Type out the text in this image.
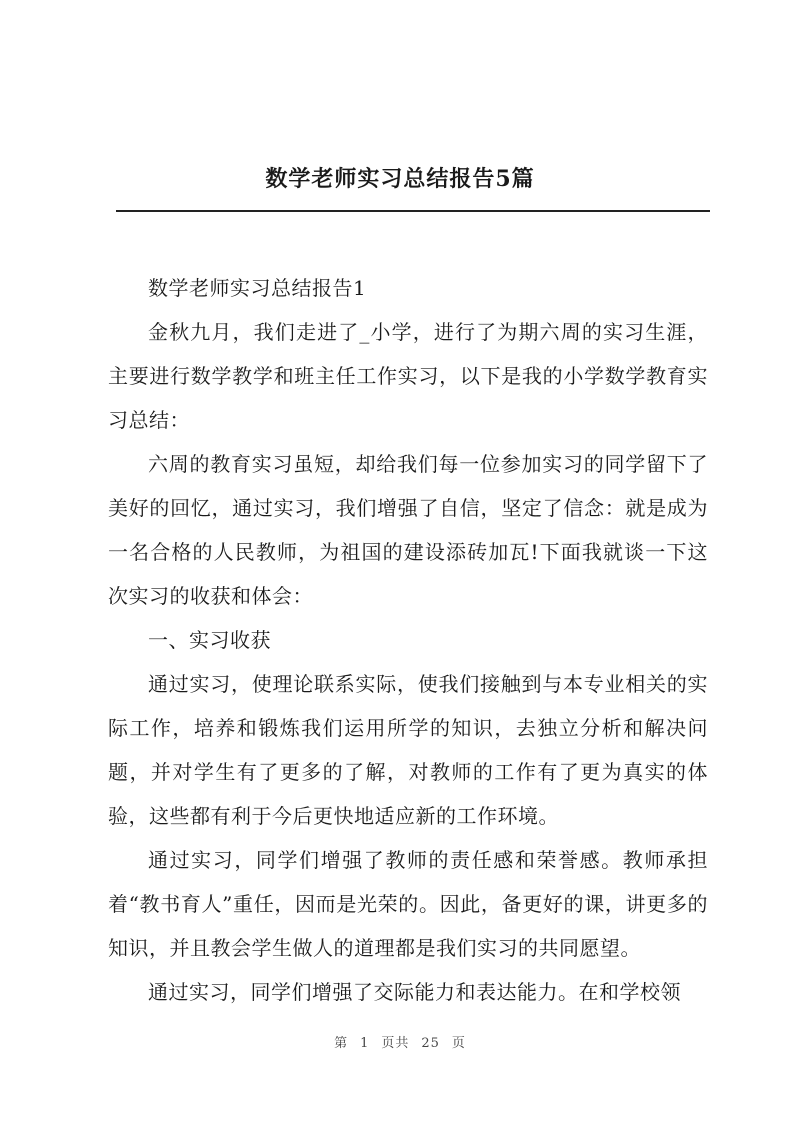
数学老师实习总结报告5篇

数学老师实习总结报告1

金秋九月，我们走进了_小学，进行了为期六周的实习生涯，主要进行数学教学和班主任工作实习，以下是我的小学数学教育实习总结：

六周的教育实习虽短，却给我们每一位参加实习的同学留下了美好的回忆，通过实习，我们增强了自信，坚定了信念：就是成为一名合格的人民教师，为祖国的建设添砖加瓦!下面我就谈一下这次实习的收获和体会：

一、实习收获

通过实习，使理论联系实际，使我们接触到与本专业相关的实际工作，培养和锻炼我们运用所学的知识，去独立分析和解决问题，并对学生有了更多的了解，对教师的工作有了更为真实的体验，这些都有利于今后更快地适应新的工作环境。

通过实习，同学们增强了教师的责任感和荣誉感。教师承担着“教书育人”重任，因而是光荣的。因此，备更好的课，讲更多的知识，并且教会学生做人的道理都是我们实习的共同愿望。

通过实习，同学们增强了交际能力和表达能力。在和学校领

第 1 页共 25 页
